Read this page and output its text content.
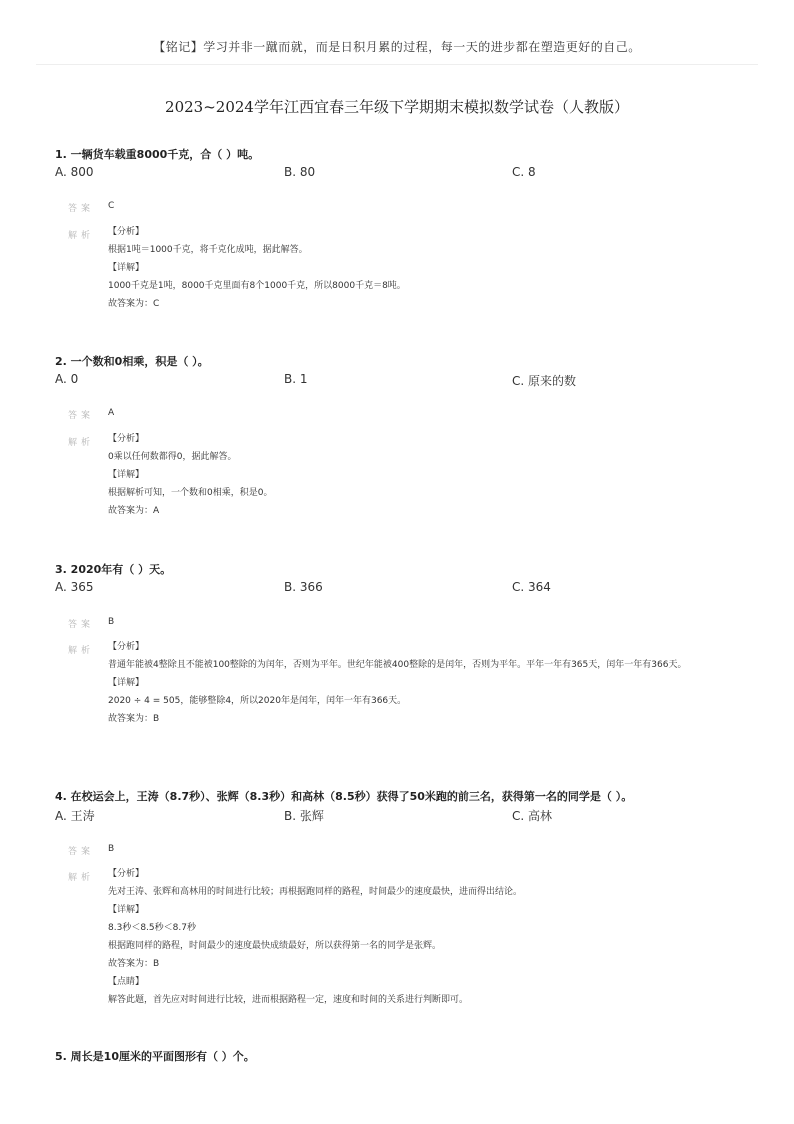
【铭记】学习并非一蹴而就，而是日积月累的过程，每一天的进步都在塑造更好的自己。
2023~2024学年江西宜春三年级下学期期末模拟数学试卷（人教版）
1. 一辆货车载重8000千克，合（ ）吨。
A. 800	B. 80	C. 8
答案 C
解析 【分析】
根据1吨＝1000千克，将千克化成吨，据此解答。
【详解】
1000千克是1吨，8000千克里面有8个1000千克，所以8000千克＝8吨。
故答案为：C
2. 一个数和0相乘，积是（ ）。
A. 0	B. 1	C. 原来的数
答案 A
解析 【分析】
0乘以任何数都得0，据此解答。
【详解】
根据解析可知，一个数和0相乘，积是0。
故答案为：A
3. 2020年有（ ）天。
A. 365	B. 366	C. 364
答案 B
解析 【分析】
普通年能被4整除且不能被100整除的为闰年，否则为平年。世纪年能被400整除的是闰年，否则为平年。平年一年有365天，闰年一年有366天。
【详解】
2020 ÷ 4 = 505，能够整除4，所以2020年是闰年，闰年一年有366天。
故答案为：B
4. 在校运会上，王涛（8.7秒）、张辉（8.3秒）和高林（8.5秒）获得了50米跑的前三名，获得第一名的同学是（ ）。
A. 王涛	B. 张辉	C. 高林
答案 B
解析 【分析】
先对王涛、张辉和高林用的时间进行比较；再根据跑同样的路程，时间最少的速度最快，进而得出结论。
【详解】
8.3秒＜8.5秒＜8.7秒
根据跑同样的路程，时间最少的速度最快成绩最好，所以获得第一名的同学是张辉。
故答案为：B
【点睛】
解答此题，首先应对时间进行比较，进而根据路程一定，速度和时间的关系进行判断即可。
5. 周长是10厘米的平面图形有（ ）个。
